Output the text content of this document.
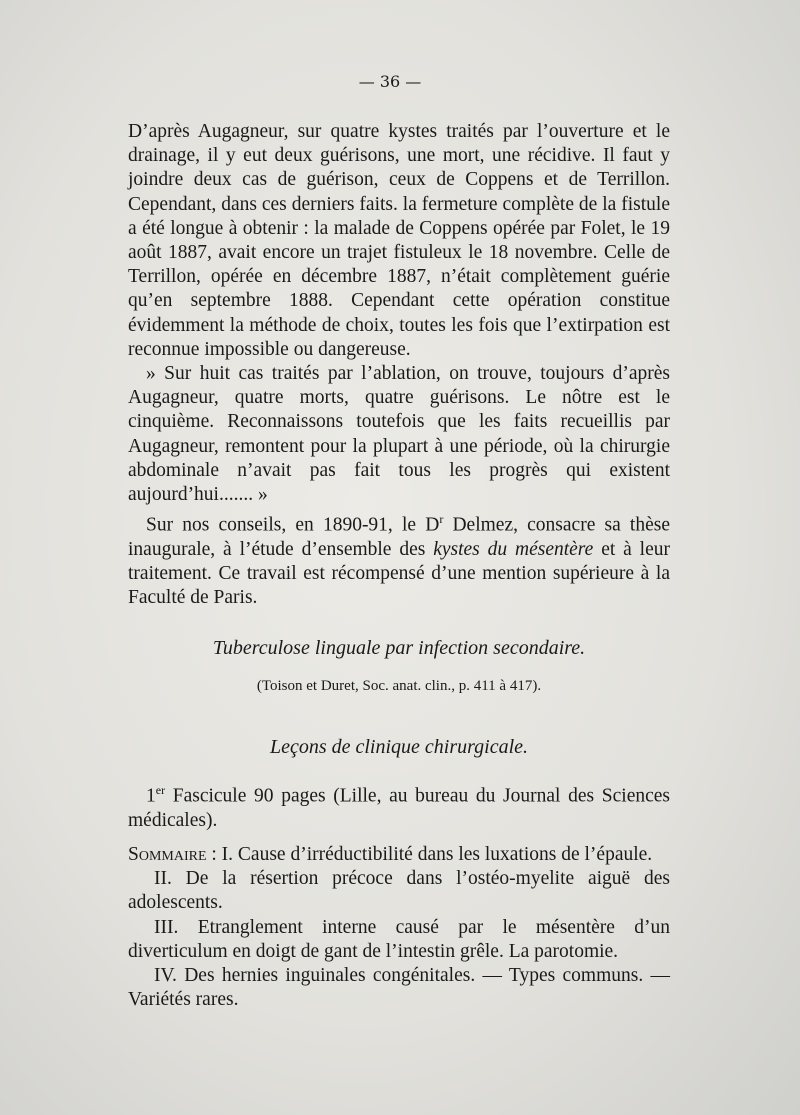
— 36 —

D’après Augagneur, sur quatre kystes traités par l’ouverture et le drainage, il y eut deux guérisons, une mort, une récidive. Il faut y joindre deux cas de guérison, ceux de Coppens et de Terrillon. Cependant, dans ces derniers faits. la fermeture complète de la fistule a été longue à obtenir : la malade de Coppens opérée par Folet, le 19 août 1887, avait encore un trajet fistuleux le 18 novembre. Celle de Terrillon, opérée en décembre 1887, n’était complètement guérie qu’en septembre 1888. Cependant cette opération constitue évidemment la méthode de choix, toutes les fois que l’extirpation est reconnue impossible ou dangereuse.

» Sur huit cas traités par l’ablation, on trouve, toujours d’après Augagneur, quatre morts, quatre guérisons. Le nôtre est le cinquième. Reconnaissons toutefois que les faits recueillis par Augagneur, remontent pour la plupart à une période, où la chirurgie abdominale n’avait pas fait tous les progrès qui existent aujourd’hui....... »

Sur nos conseils, en 1890-91, le $D^r$ Delmez, consacre sa thèse inaugurale, à l’étude d’ensemble des kystes du mésentère et à leur traitement. Ce travail est récompensé d’une mention supérieure à la Faculté de Paris.

Tuberculose linguale par infection secondaire.
(Toison et Duret, Soc. anat. clin., p. 411 à 417).
Leçons de clinique chirurgicale.

1er Fascicule 90 pages (Lille, au bureau du Journal des Sciences médicales).

Sommaire : I. Cause d’irréductibilité dans les luxations de l’épaule.

II. De la résertion précoce dans l’ostéo-myelite aiguë des adolescents.

III. Etranglement interne causé par le mésentère d’un diverticulum en doigt de gant de l’intestin grêle. La parotomie.

IV. Des hernies inguinales congénitales. — Types communs. — Variétés rares.
